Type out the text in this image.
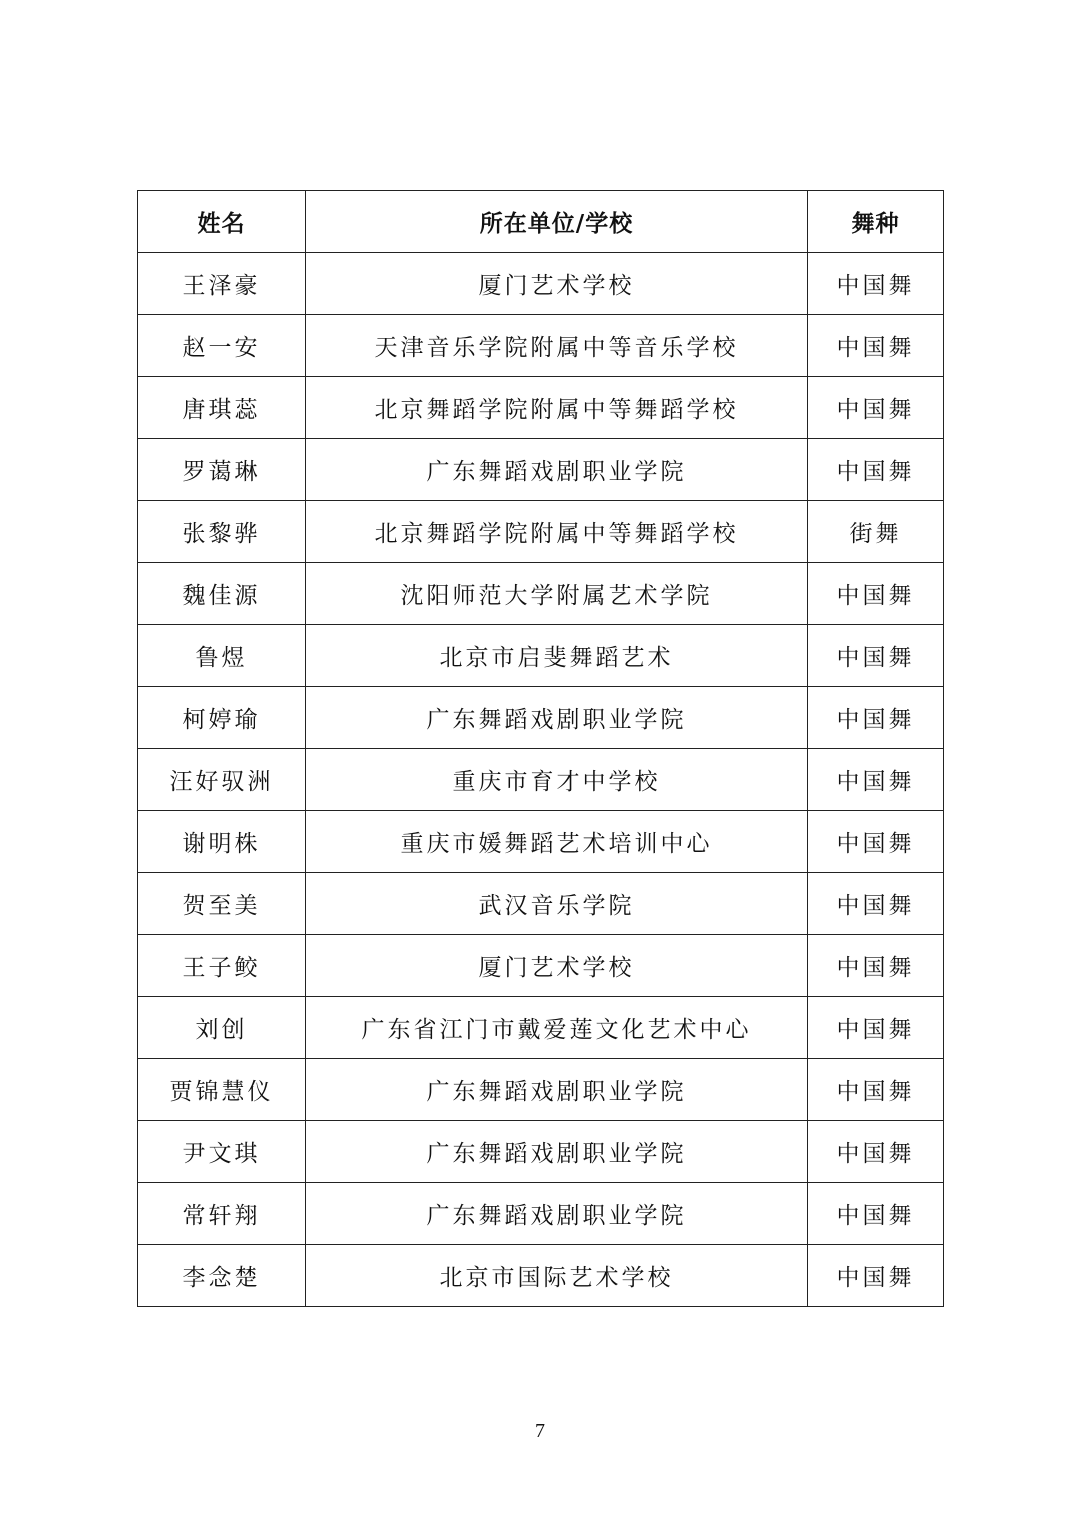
姓名	所在单位/学校	舞种
王泽豪	厦门艺术学校	中国舞
赵一安	天津音乐学院附属中等音乐学校	中国舞
唐琪蕊	北京舞蹈学院附属中等舞蹈学校	中国舞
罗蔼琳	广东舞蹈戏剧职业学院	中国舞
张黎骅	北京舞蹈学院附属中等舞蹈学校	街舞
魏佳源	沈阳师范大学附属艺术学院	中国舞
鲁煜	北京市启斐舞蹈艺术	中国舞
柯婷瑜	广东舞蹈戏剧职业学院	中国舞
汪好驭洲	重庆市育才中学校	中国舞
谢明株	重庆市媛舞蹈艺术培训中心	中国舞
贺至美	武汉音乐学院	中国舞
王子鲛	厦门艺术学校	中国舞
刘创	广东省江门市戴爱莲文化艺术中心	中国舞
贾锦慧仪	广东舞蹈戏剧职业学院	中国舞
尹文琪	广东舞蹈戏剧职业学院	中国舞
常轩翔	广东舞蹈戏剧职业学院	中国舞
李念楚	北京市国际艺术学校	中国舞
7
